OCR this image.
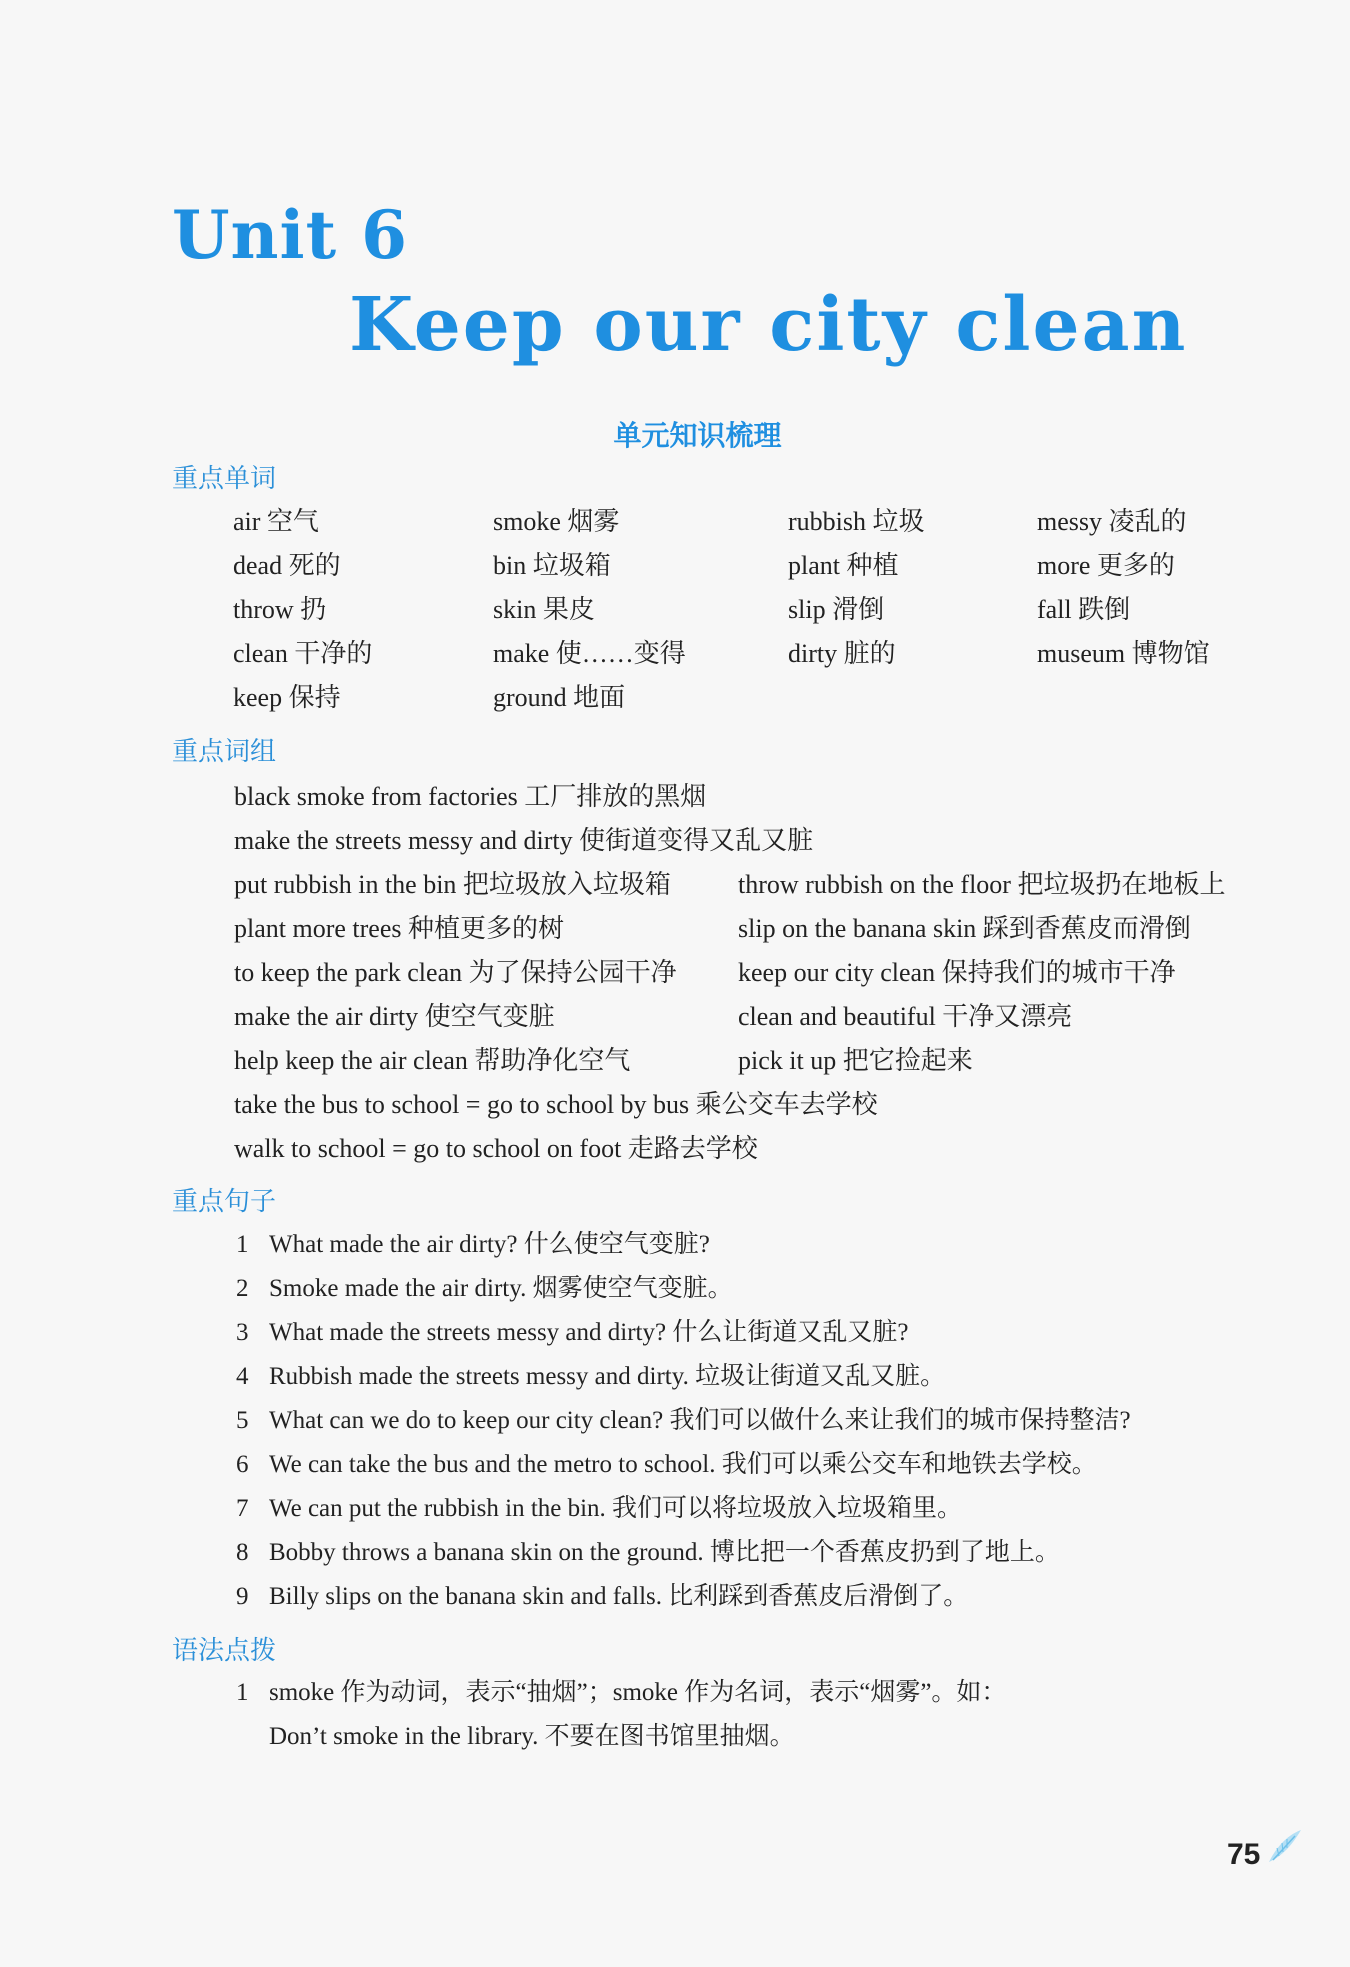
Unit 6
Keep our city clean
单元知识梳理
重点单词
air 空气	smoke 烟雾	rubbish 垃圾	messy 凌乱的
dead 死的	bin 垃圾箱	plant 种植	more 更多的
throw 扔	skin 果皮	slip 滑倒	fall 跌倒
clean 干净的	make 使……变得	dirty 脏的	museum 博物馆
keep 保持	ground 地面
重点词组
black smoke from factories 工厂排放的黑烟
make the streets messy and dirty 使街道变得又乱又脏
put rubbish in the bin 把垃圾放入垃圾箱	throw rubbish on the floor 把垃圾扔在地板上
plant more trees 种植更多的树	slip on the banana skin 踩到香蕉皮而滑倒
to keep the park clean 为了保持公园干净 keep our city clean 保持我们的城市干净
make the air dirty 使空气变脏	clean and beautiful 干净又漂亮
help keep the air clean 帮助净化空气	pick it up 把它捡起来
take the bus to school = go to school by bus 乘公交车去学校
walk to school = go to school on foot 走路去学校
重点句子
1 What made the air dirty? 什么使空气变脏?
2 Smoke made the air dirty. 烟雾使空气变脏。
3 What made the streets messy and dirty? 什么让街道又乱又脏?
4 Rubbish made the streets messy and dirty. 垃圾让街道又乱又脏。
5 What can we do to keep our city clean? 我们可以做什么来让我们的城市保持整洁?
6 We can take the bus and the metro to school. 我们可以乘公交车和地铁去学校。
7 We can put the rubbish in the bin. 我们可以将垃圾放入垃圾箱里。
8 Bobby throws a banana skin on the ground. 博比把一个香蕉皮扔到了地上。
9 Billy slips on the banana skin and falls. 比利踩到香蕉皮后滑倒了。
语法点拨
1 smoke 作为动词，表示“抽烟”；smoke 作为名词，表示“烟雾”。如：
Don’t smoke in the library. 不要在图书馆里抽烟。
75
